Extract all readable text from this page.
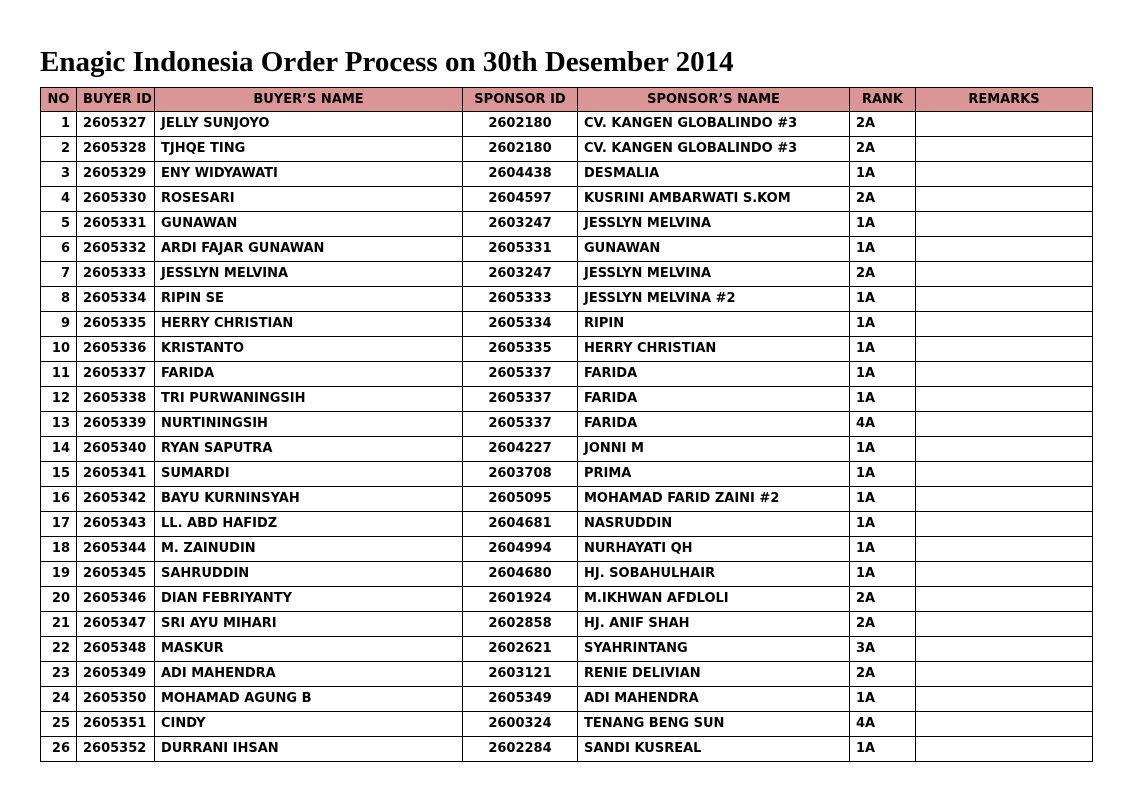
Enagic Indonesia Order Process on 30th Desember 2014
NO	BUYER ID	BUYER’S NAME	SPONSOR ID	SPONSOR’S NAME	RANK	REMARKS
1	2605327	JELLY SUNJOYO	2602180	CV. KANGEN GLOBALINDO #3	2A	
2	2605328	TJHQE TING	2602180	CV. KANGEN GLOBALINDO #3	2A	
3	2605329	ENY WIDYAWATI	2604438	DESMALIA	1A	
4	2605330	ROSESARI	2604597	KUSRINI AMBARWATI S.KOM	2A	
5	2605331	GUNAWAN	2603247	JESSLYN MELVINA	1A	
6	2605332	ARDI FAJAR GUNAWAN	2605331	GUNAWAN	1A	
7	2605333	JESSLYN MELVINA	2603247	JESSLYN MELVINA	2A	
8	2605334	RIPIN SE	2605333	JESSLYN MELVINA #2	1A	
9	2605335	HERRY CHRISTIAN	2605334	RIPIN	1A	
10	2605336	KRISTANTO	2605335	HERRY CHRISTIAN	1A	
11	2605337	FARIDA	2605337	FARIDA	1A	
12	2605338	TRI PURWANINGSIH	2605337	FARIDA	1A	
13	2605339	NURTININGSIH	2605337	FARIDA	4A	
14	2605340	RYAN SAPUTRA	2604227	JONNI M	1A	
15	2605341	SUMARDI	2603708	PRIMA	1A	
16	2605342	BAYU KURNINSYAH	2605095	MOHAMAD FARID ZAINI #2	1A	
17	2605343	LL. ABD HAFIDZ	2604681	NASRUDDIN	1A	
18	2605344	M. ZAINUDIN	2604994	NURHAYATI QH	1A	
19	2605345	SAHRUDDIN	2604680	HJ. SOBAHULHAIR	1A	
20	2605346	DIAN FEBRIYANTY	2601924	M.IKHWAN AFDLOLI	2A	
21	2605347	SRI AYU MIHARI	2602858	HJ. ANIF SHAH	2A	
22	2605348	MASKUR	2602621	SYAHRINTANG	3A	
23	2605349	ADI MAHENDRA	2603121	RENIE DELIVIAN	2A	
24	2605350	MOHAMAD AGUNG B	2605349	ADI MAHENDRA	1A	
25	2605351	CINDY	2600324	TENANG BENG SUN	4A	
26	2605352	DURRANI IHSAN	2602284	SANDI KUSREAL	1A	
